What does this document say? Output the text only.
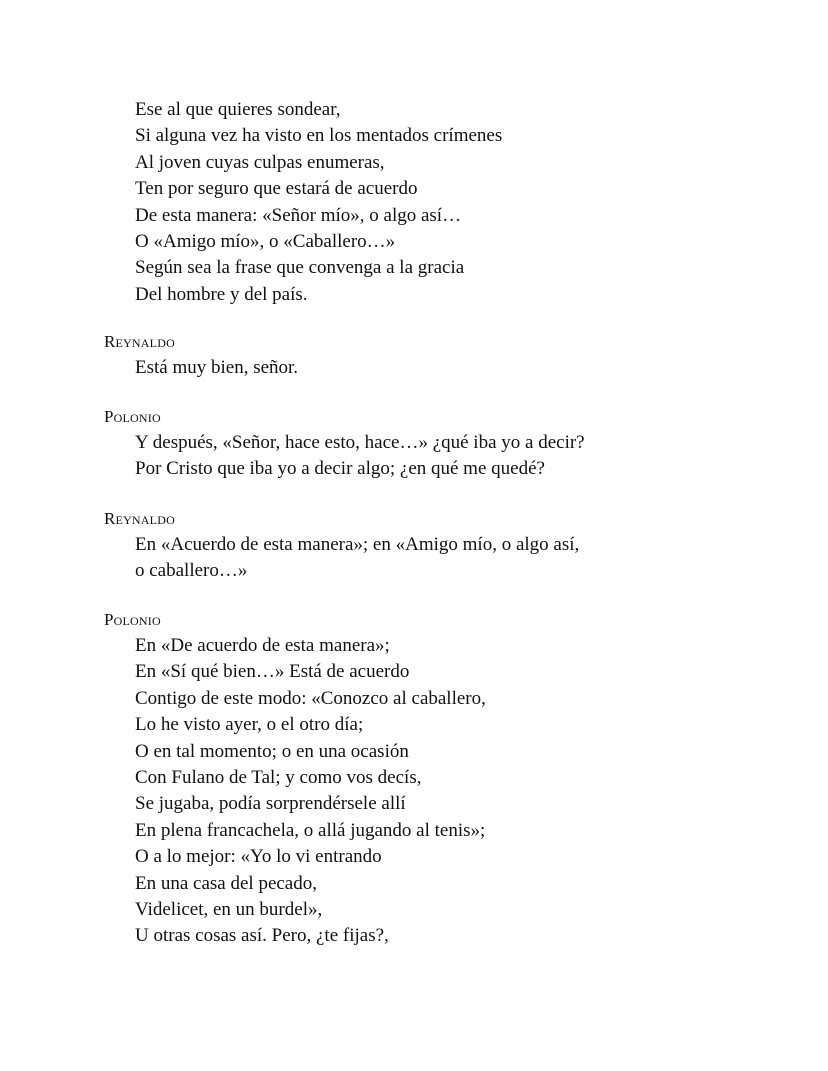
Ese al que quieres sondear,
Si alguna vez ha visto en los mentados crímenes
Al joven cuyas culpas enumeras,
Ten por seguro que estará de acuerdo
De esta manera: «Señor mío», o algo así…
O «Amigo mío», o «Caballero…»
Según sea la frase que convenga a la gracia
Del hombre y del país.
Reynaldo
Está muy bien, señor.
Polonio
Y después, «Señor, hace esto, hace…» ¿qué iba yo a decir?
Por Cristo que iba yo a decir algo; ¿en qué me quedé?
Reynaldo
En «Acuerdo de esta manera»; en «Amigo mío, o algo así,
o caballero…»
Polonio
En «De acuerdo de esta manera»;
En «Sí qué bien…» Está de acuerdo
Contigo de este modo: «Conozco al caballero,
Lo he visto ayer, o el otro día;
O en tal momento; o en una ocasión
Con Fulano de Tal; y como vos decís,
Se jugaba, podía sorprendérsele allí
En plena francachela, o allá jugando al tenis»;
O a lo mejor: «Yo lo vi entrando
En una casa del pecado,
Videlicet, en un burdel»,
U otras cosas así. Pero, ¿te fijas?,
